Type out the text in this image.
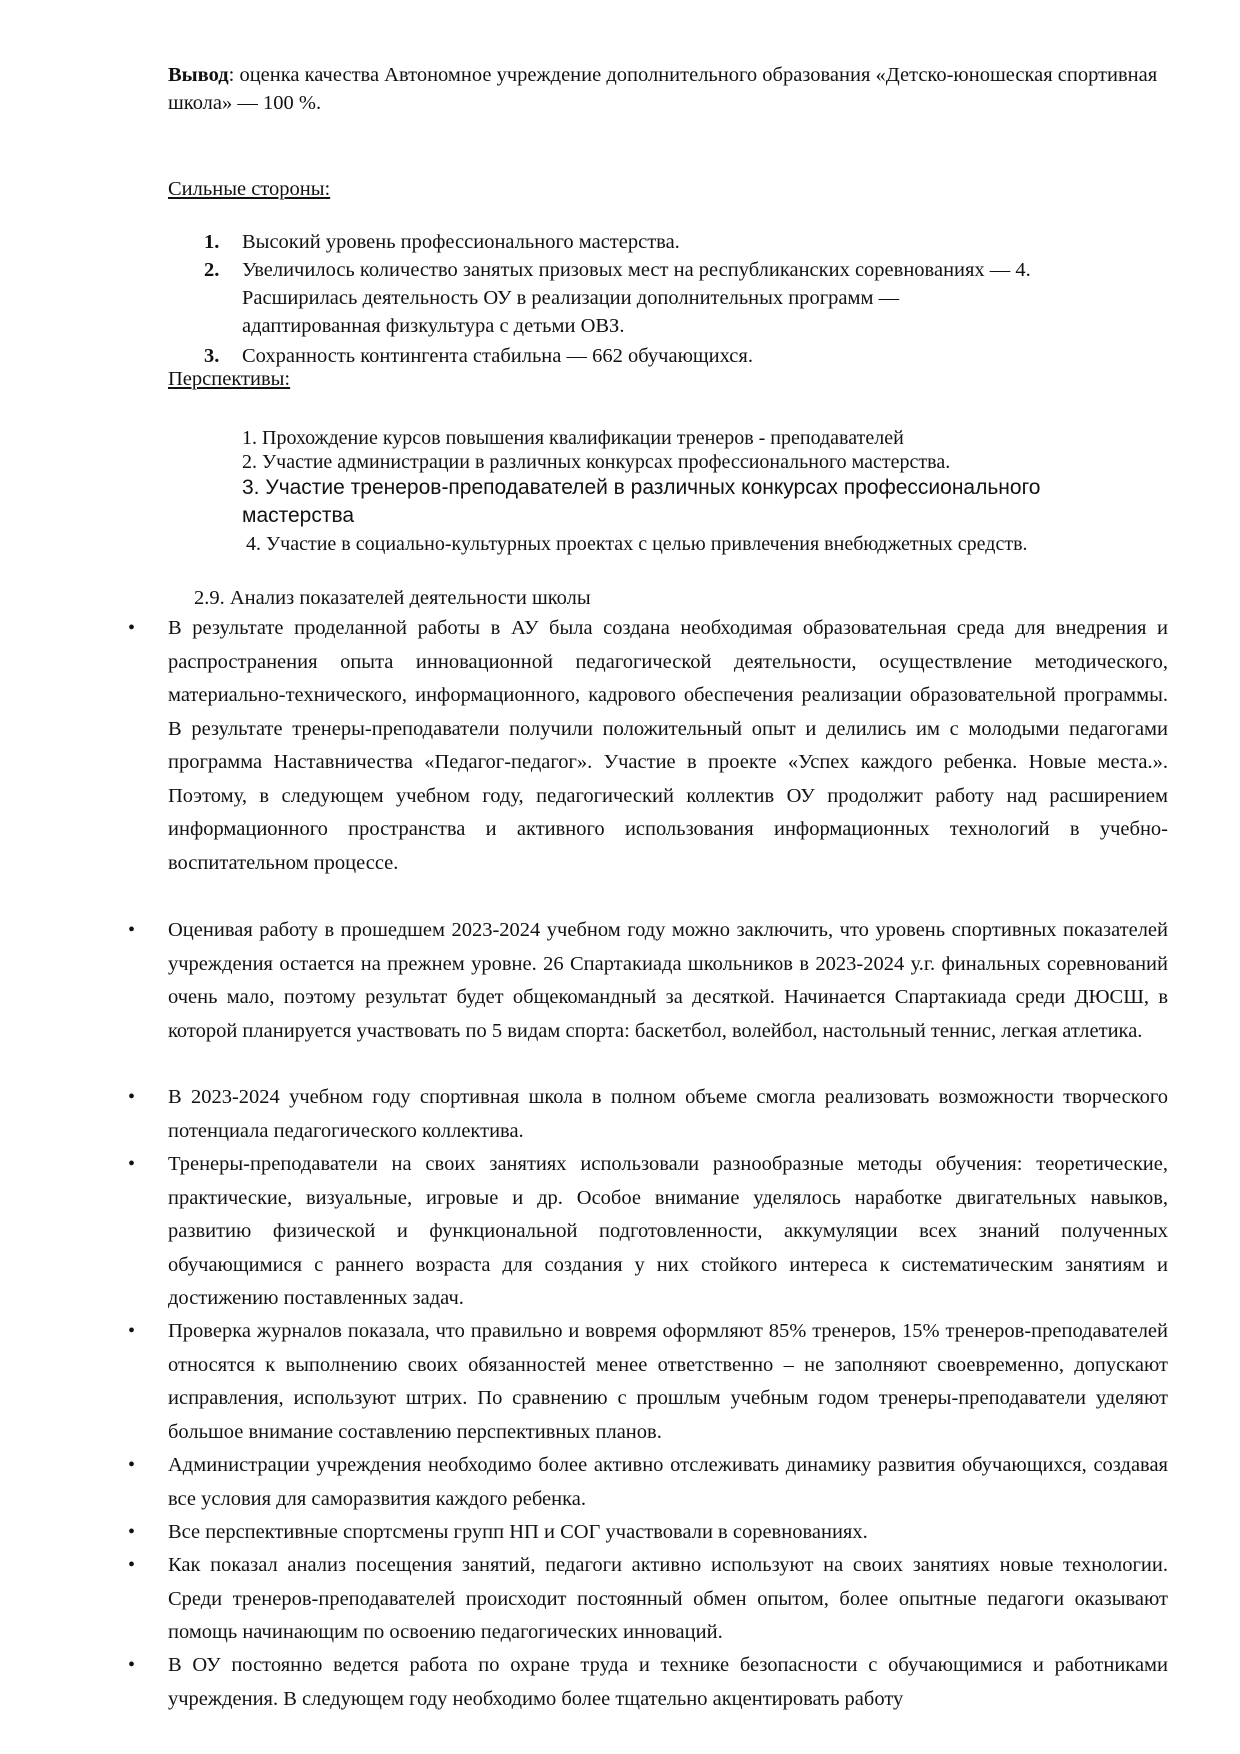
Вывод: оценка качества Автономное учреждение дополнительного образования «Детско-юношеская спортивная школа» — 100 %.
Сильные стороны:
1. Высокий уровень профессионального мастерства.
2. Увеличилось количество занятых призовых мест на республиканских соревнованиях — 4.
Расширилась деятельность ОУ в реализации дополнительных программ —
адаптированная физкультура с детьми ОВЗ.
3. Сохранность контингента стабильна — 662 обучающихся.
Перспективы:
1. Прохождение курсов повышения квалификации тренеров - преподавателей
2. Участие администрации в различных конкурсах профессионального мастерства.
3. Участие тренеров-преподавателей в различных конкурсах профессионального
мастерства
4. Участие в социально-культурных проектах с целью привлечения внебюджетных средств.
2.9. Анализ показателей деятельности школы
• В результате проделанной работы в АУ была создана необходимая образовательная среда для внедрения и распространения опыта инновационной педагогической деятельности, осуществление методического, материально-технического, информационного, кадрового обеспечения реализации образовательной программы. В результате тренеры-преподаватели получили положительный опыт и делились им с молодыми педагогами программа Наставничества «Педагог-педагог». Участие в проекте «Успех каждого ребенка. Новые места.». Поэтому, в следующем учебном году, педагогический коллектив ОУ продолжит работу над расширением информационного пространства и активного использования информационных технологий в учебно-воспитательном процессе.
• Оценивая работу в прошедшем 2023-2024 учебном году можно заключить, что уровень спортивных показателей учреждения остается на прежнем уровне. 26 Спартакиада школьников в 2023-2024 у.г. финальных соревнований очень мало, поэтому результат будет общекомандный за десяткой. Начинается Спартакиада среди ДЮСШ, в которой планируется участвовать по 5 видам спорта: баскетбол, волейбол, настольный теннис, легкая атлетика.
• В 2023-2024 учебном году спортивная школа в полном объеме смогла реализовать возможности творческого потенциала педагогического коллектива.
• Тренеры-преподаватели на своих занятиях использовали разнообразные методы обучения: теоретические, практические, визуальные, игровые и др. Особое внимание уделялось наработке двигательных навыков, развитию физической и функциональной подготовленности, аккумуляции всех знаний полученных обучающимися с раннего возраста для создания у них стойкого интереса к систематическим занятиям и достижению поставленных задач.
• Проверка журналов показала, что правильно и вовремя оформляют 85% тренеров, 15% тренеров-преподавателей относятся к выполнению своих обязанностей менее ответственно – не заполняют своевременно, допускают исправления, используют штрих. По сравнению с прошлым учебным годом тренеры-преподаватели уделяют большое внимание составлению перспективных планов.
• Администрации учреждения необходимо более активно отслеживать динамику развития обучающихся, создавая все условия для саморазвития каждого ребенка.
• Все перспективные спортсмены групп НП и СОГ участвовали в соревнованиях.
• Как показал анализ посещения занятий, педагоги активно используют на своих занятиях новые технологии. Среди тренеров-преподавателей происходит постоянный обмен опытом, более опытные педагоги оказывают помощь начинающим по освоению педагогических инноваций.
• В ОУ постоянно ведется работа по охране труда и технике безопасности с обучающимися и работниками учреждения. В следующем году необходимо более тщательно акцентировать работу
